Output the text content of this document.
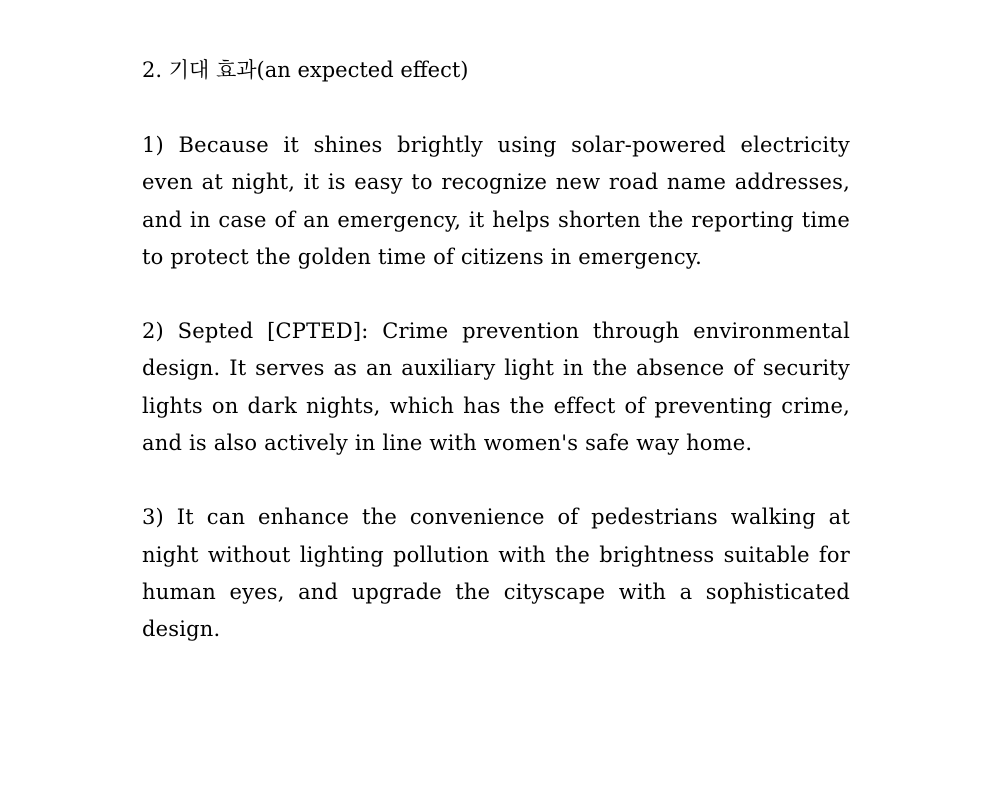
2. 기대 효과(an expected effect)

1) Because it shines brightly using solar-powered electricity even at night, it is easy to recognize new road name addresses, and in case of an emergency, it helps shorten the reporting time to protect the golden time of citizens in emergency.

2) Septed [CPTED]: Crime prevention through environmental design. It serves as an auxiliary light in the absence of security lights on dark nights, which has the effect of preventing crime, and is also actively in line with women's safe way home.

3) It can enhance the convenience of pedestrians walking at night without lighting pollution with the brightness suitable for human eyes, and upgrade the cityscape with a sophisticated design.
